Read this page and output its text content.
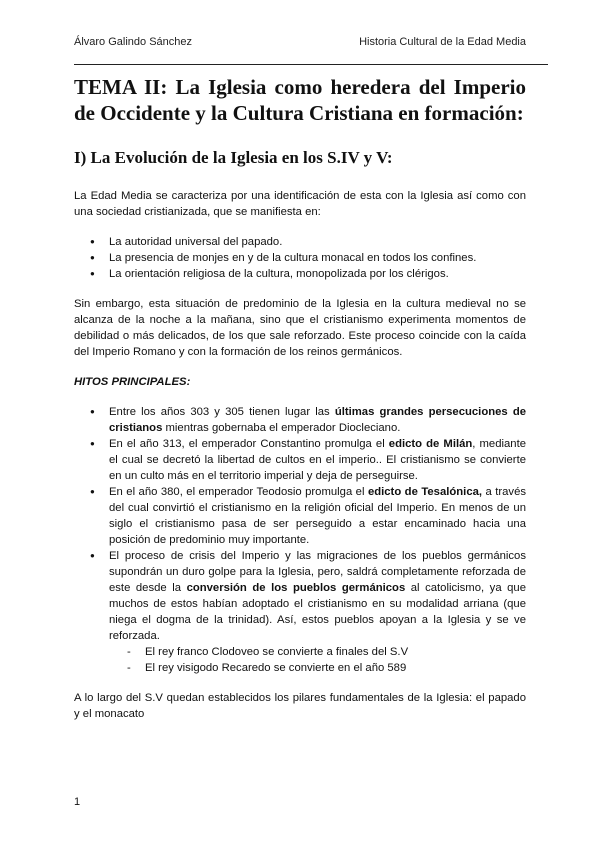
Álvaro Galindo Sánchez	Historia Cultural de la Edad Media
TEMA II: La Iglesia como heredera del Imperio de Occidente y la Cultura Cristiana en formación:
I) La Evolución de la Iglesia en los S.IV y V:

La Edad Media se caracteriza por una identificación de esta con la Iglesia así como con una sociedad cristianizada, que se manifiesta en:

● La autoridad universal del papado.
● La presencia de monjes en y de la cultura monacal en todos los confines.
● La orientación religiosa de la cultura, monopolizada por los clérigos.

Sin embargo, esta situación de predominio de la Iglesia en la cultura medieval no se alcanza de la noche a la mañana, sino que el cristianismo experimenta momentos de debilidad o más delicados, de los que sale reforzado. Este proceso coincide con la caída del Imperio Romano y con la formación de los reinos germánicos.

HITOS PRINCIPALES:
● Entre los años 303 y 305 tienen lugar las últimas grandes persecuciones de cristianos mientras gobernaba el emperador Diocleciano.
● En el año 313, el emperador Constantino promulga el edicto de Milán, mediante el cual se decretó la libertad de cultos en el imperio.. El cristianismo se convierte en un culto más en el territorio imperial y deja de perseguirse.
● En el año 380, el emperador Teodosio promulga el edicto de Tesalónica, a través del cual convirtió el cristianismo en la religión oficial del Imperio. En menos de un siglo el cristianismo pasa de ser perseguido a estar encaminado hacia una posición de predominio muy importante.
● El proceso de crisis del Imperio y las migraciones de los pueblos germánicos supondrán un duro golpe para la Iglesia, pero, saldrá completamente reforzada de este desde la conversión de los pueblos germánicos al catolicismo, ya que muchos de estos habían adoptado el cristianismo en su modalidad arriana (que niega el dogma de la trinidad). Así, estos pueblos apoyan a la Iglesia y se ve reforzada.
- El rey franco Clodoveo se convierte a finales del S.V
- El rey visigodo Recaredo se convierte en el año 589

A lo largo del S.V quedan establecidos los pilares fundamentales de la Iglesia: el papado y el monacato

1
